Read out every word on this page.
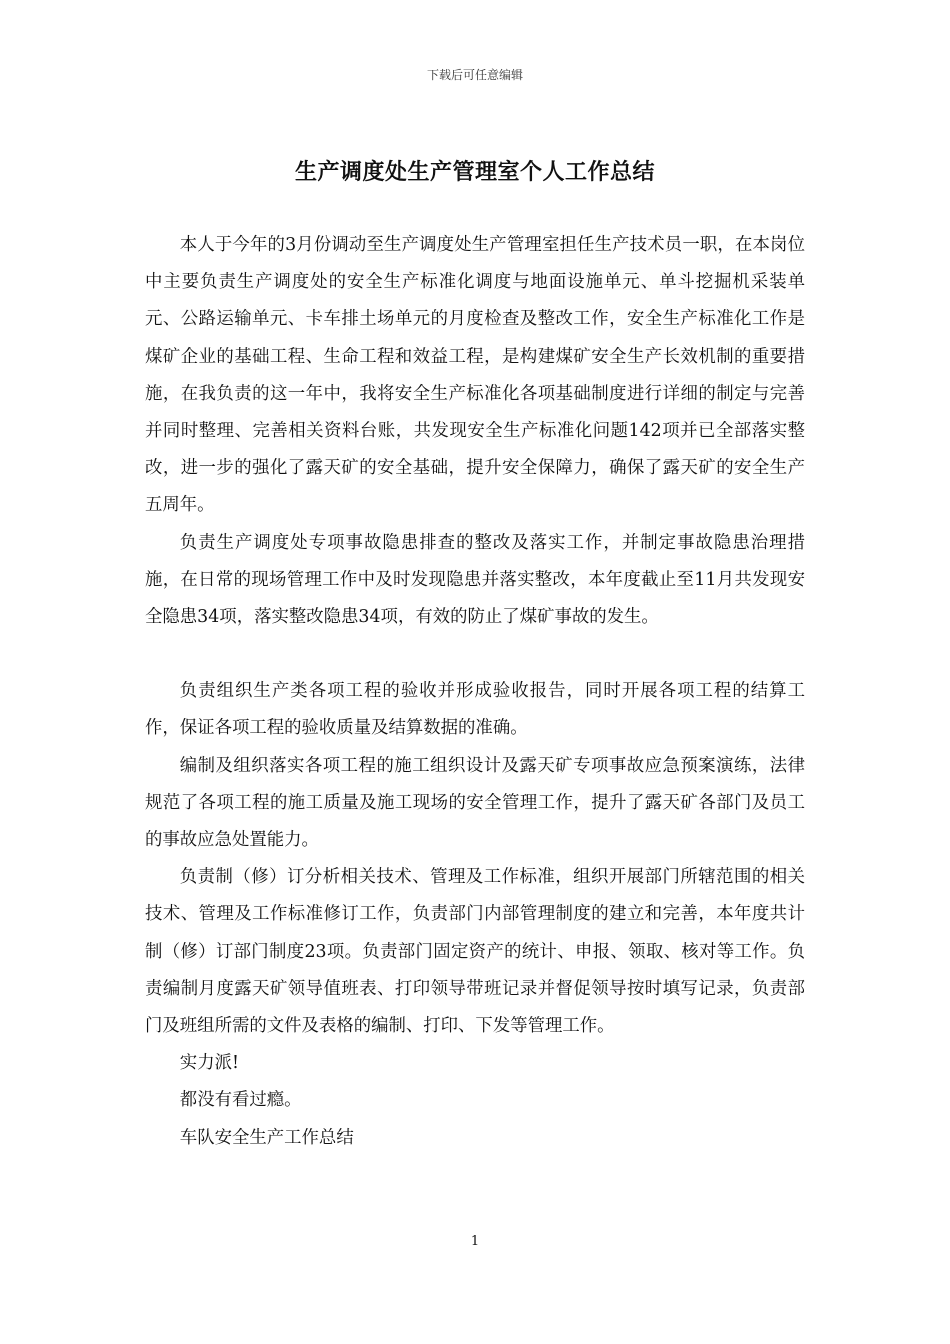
下载后可任意编辑
生产调度处生产管理室个人工作总结

本人于今年的3月份调动至生产调度处生产管理室担任生产技术员一职，在本岗位中主要负责生产调度处的安全生产标准化调度与地面设施单元、单斗挖掘机采装单元、公路运输单元、卡车排土场单元的月度检查及整改工作，安全生产标准化工作是煤矿企业的基础工程、生命工程和效益工程，是构建煤矿安全生产长效机制的重要措施，在我负责的这一年中，我将安全生产标准化各项基础制度进行详细的制定与完善并同时整理、完善相关资料台账，共发现安全生产标准化问题142项并已全部落实整改，进一步的强化了露天矿的安全基础，提升安全保障力，确保了露天矿的安全生产五周年。

负责生产调度处专项事故隐患排查的整改及落实工作，并制定事故隐患治理措施，在日常的现场管理工作中及时发现隐患并落实整改，本年度截止至11月共发现安全隐患34项，落实整改隐患34项，有效的防止了煤矿事故的发生。

负责组织生产类各项工程的验收并形成验收报告，同时开展各项工程的结算工作，保证各项工程的验收质量及结算数据的准确。

编制及组织落实各项工程的施工组织设计及露天矿专项事故应急预案演练，法律规范了各项工程的施工质量及施工现场的安全管理工作，提升了露天矿各部门及员工的事故应急处置能力。

负责制（修）订分析相关技术、管理及工作标准，组织开展部门所辖范围的相关技术、管理及工作标准修订工作，负责部门内部管理制度的建立和完善，本年度共计制（修）订部门制度23项。负责部门固定资产的统计、申报、领取、核对等工作。负责编制月度露天矿领导值班表、打印领导带班记录并督促领导按时填写记录，负责部门及班组所需的文件及表格的编制、打印、下发等管理工作。

实力派!

都没有看过瘾。

车队安全生产工作总结

1
